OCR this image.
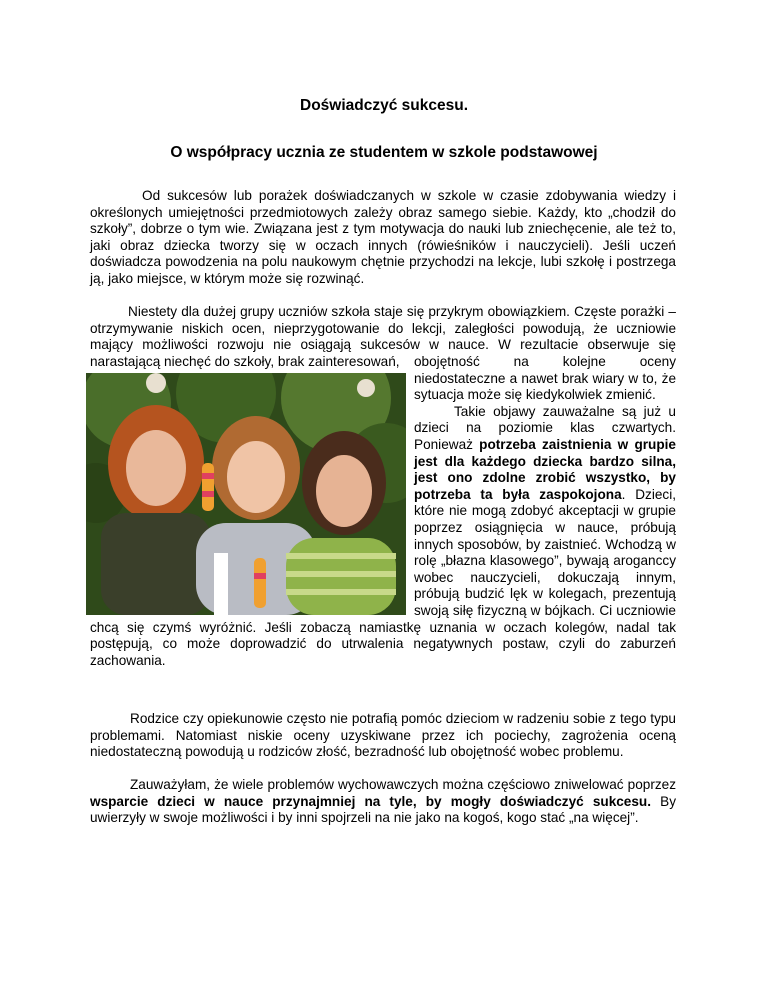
Doświadczyć sukcesu.

O współpracy ucznia ze studentem w szkole podstawowej

Od sukcesów lub porażek doświadczanych w szkole w czasie zdobywania wiedzy i określonych umiejętności przedmiotowych zależy obraz samego siebie. Każdy, kto „chodził do szkoły”, dobrze o tym wie. Związana jest z tym motywacja do nauki lub zniechęcenie, ale też to, jaki obraz dziecka tworzy się w oczach innych (rówieśników i nauczycieli). Jeśli uczeń doświadcza powodzenia na polu naukowym chętnie przychodzi na lekcje, lubi szkołę i postrzega ją, jako miejsce, w którym może się rozwinąć.

Niestety dla dużej grupy uczniów szkoła staje się przykrym obowiązkiem. Częste porażki – otrzymywanie niskich ocen, nieprzygotowanie do lekcji, zaległości powodują, że uczniowie mający możliwości rozwoju nie osiągają sukcesów w nauce. W rezultacie obserwuje się narastającą niechęć do szkoły, brak zainteresowań,	obojętność na kolejne oceny niedostateczne a nawet brak wiary w to, że sytuacja może się kiedykolwiek zmienić.

Takie objawy zauważalne są już u dzieci na poziomie klas czwartych. Ponieważ potrzeba zaistnienia w grupie jest dla każdego dziecka bardzo silna, jest ono zdolne zrobić wszystko, by potrzeba ta była zaspokojona. Dzieci, które nie mogą zdobyć akceptacji w grupie poprzez osiągnięcia w nauce, próbują innych sposobów, by zaistnieć. Wchodzą w rolę „błazna klasowego”, bywają aroganccy wobec nauczycieli, dokuczają innym, próbują budzić lęk w kolegach, prezentują swoją siłę fizyczną w bójkach. Ci uczniowie chcą się czymś wyróżnić. Jeśli zobaczą namiastkę uznania w oczach kolegów, nadal tak postępują, co może doprowadzić do utrwalenia negatywnych postaw, czyli do zaburzeń zachowania.

Rodzice czy opiekunowie często nie potrafią pomóc dzieciom w radzeniu sobie z tego typu problemami. Natomiast niskie oceny uzyskiwane przez ich pociechy, zagrożenia oceną niedostateczną powodują u rodziców złość, bezradność lub obojętność wobec problemu.

Zauważyłam, że wiele problemów wychowawczych można częściowo zniwelować poprzez wsparcie dzieci w nauce przynajmniej na tyle, by mogły doświadczyć sukcesu. By uwierzyły w swoje możliwości i by inni spojrzeli na nie jako na kogoś, kogo stać „na więcej”.
